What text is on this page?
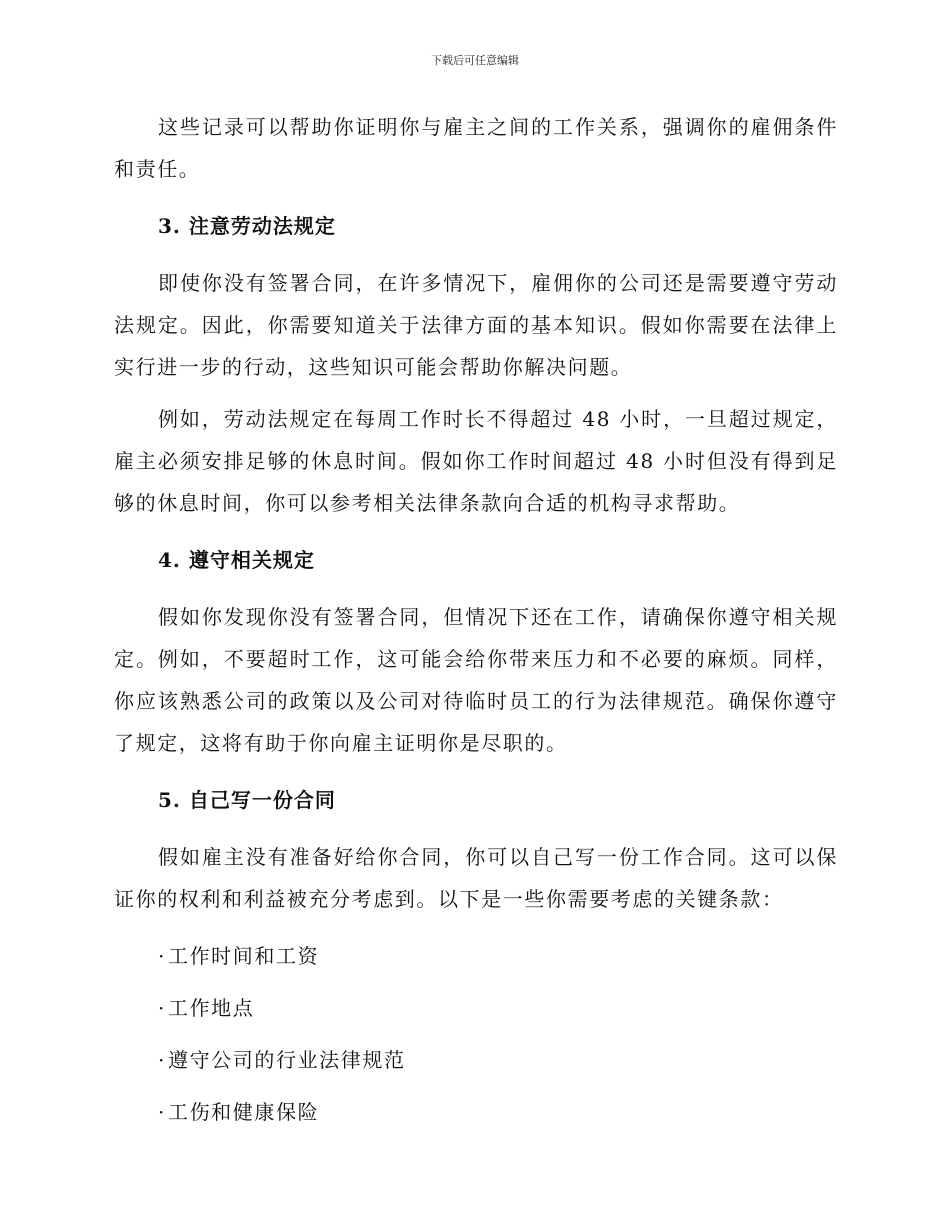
下载后可任意编辑

这些记录可以帮助你证明你与雇主之间的工作关系，强调你的雇佣条件和责任。

3. 注意劳动法规定

即使你没有签署合同，在许多情况下，雇佣你的公司还是需要遵守劳动法规定。因此，你需要知道关于法律方面的基本知识。假如你需要在法律上实行进一步的行动，这些知识可能会帮助你解决问题。

例如，劳动法规定在每周工作时长不得超过 48 小时，一旦超过规定，雇主必须安排足够的休息时间。假如你工作时间超过 48 小时但没有得到足够的休息时间，你可以参考相关法律条款向合适的机构寻求帮助。

4. 遵守相关规定

假如你发现你没有签署合同，但情况下还在工作，请确保你遵守相关规定。例如，不要超时工作，这可能会给你带来压力和不必要的麻烦。同样，你应该熟悉公司的政策以及公司对待临时员工的行为法律规范。确保你遵守了规定，这将有助于你向雇主证明你是尽职的。

5. 自己写一份合同

假如雇主没有准备好给你合同，你可以自己写一份工作合同。这可以保证你的权利和利益被充分考虑到。以下是一些你需要考虑的关键条款：

· 工作时间和工资
· 工作地点
· 遵守公司的行业法律规范
· 工伤和健康保险
